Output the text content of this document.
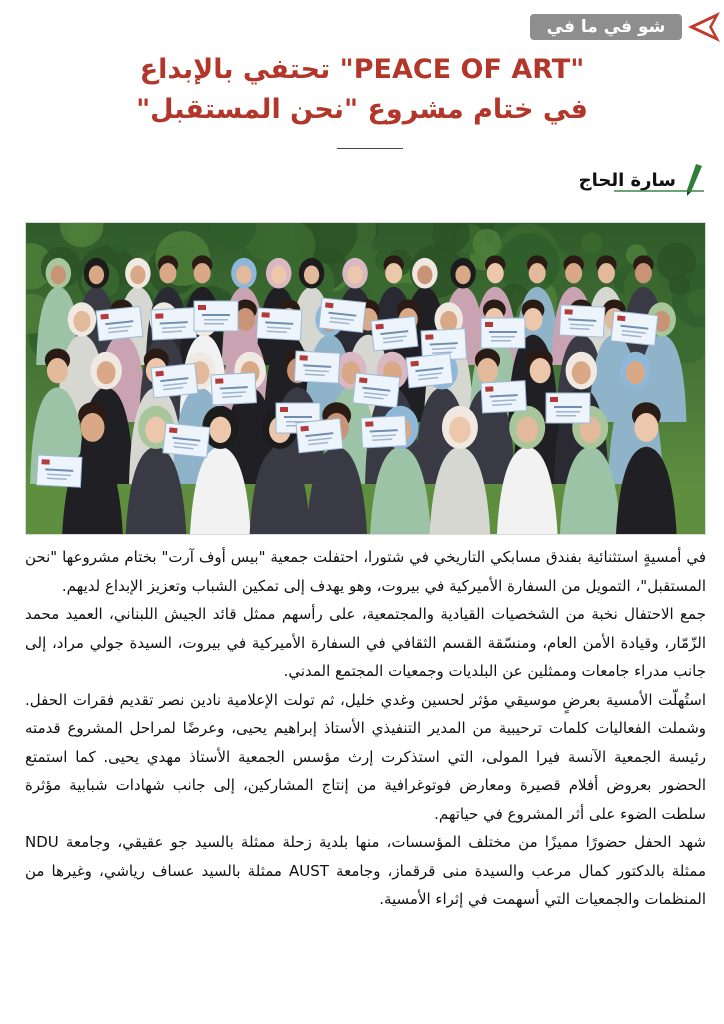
شو في ما في
"PEACE OF ART" تحتفي بالإبداع
في ختام مشروع "نحن المستقبل"
سارة الحاج

في أمسيةٍ استثنائية بفندق مسابكي التاريخي في شتورا، احتفلت جمعية "بيس أوف آرت" بختام مشروعها "نحن المستقبل"، التمويل من السفارة الأميركية في بيروت، وهو يهدف إلى تمكين الشباب وتعزيز الإبداع لديهم.

جمع الاحتفال نخبة من الشخصيات القيادية والمجتمعية، على رأسهم ممثل قائد الجيش اللبناني، العميد محمد الزّمّار، وقيادة الأمن العام، ومنسّقة القسم الثقافي في السفارة الأميركية في بيروت، السيدة جولي مراد، إلى جانب مدراء جامعات وممثلين عن البلديات وجمعيات المجتمع المدني.

استُهلّت الأمسية بعرضٍ موسيقي مؤثر لحسين وغدي خليل، ثم تولت الإعلامية نادين نصر تقديم فقرات الحفل. وشملت الفعاليات كلمات ترحيبية من المدير التنفيذي الأستاذ إبراهيم يحيى، وعرضًا لمراحل المشروع قدمته رئيسة الجمعية الآنسة فيرا المولى، التي استذكرت إرث مؤسس الجمعية الأستاذ مهدي يحيى. كما استمتع الحضور بعروض أفلام قصيرة ومعارض فوتوغرافية من إنتاج المشاركين، إلى جانب شهادات شبابية مؤثرة سلطت الضوء على أثر المشروع في حياتهم.

شهد الحفل حضورًا مميزًا من مختلف المؤسسات، منها بلدية زحلة ممثلة بالسيد جو عقيقي، وجامعة NDU ممثلة بالدكتور كمال مرعب والسيدة منى قرقماز، وجامعة AUST ممثلة بالسيد عساف رياشي، وغيرها من المنظمات والجمعيات التي أسهمت في إثراء الأمسية.
